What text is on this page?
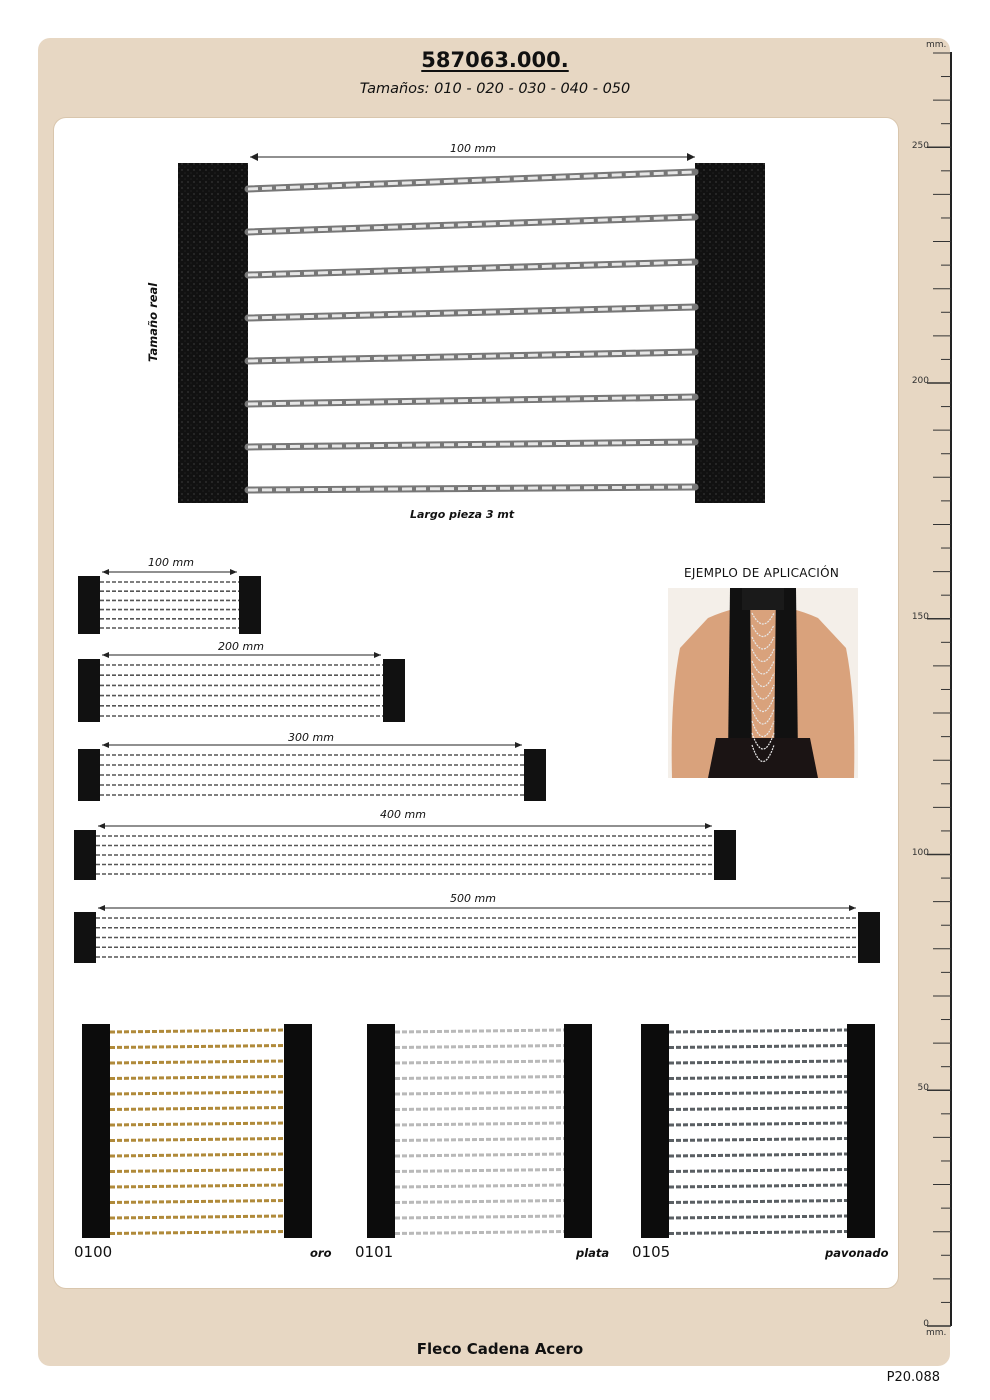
587063.000.
Tamaños: 010 - 020 - 030 - 040 - 050
100 mm
Tamaño real
Largo pieza 3 mt
100 mm
200 mm
300 mm
400 mm
500 mm
EJEMPLO DE APLICACIÓN
0100	oro 0101	plata 0105	pavonado
mm.
mm.
250
200
150
100
50
0
Fleco Cadena Acero
P20.088
